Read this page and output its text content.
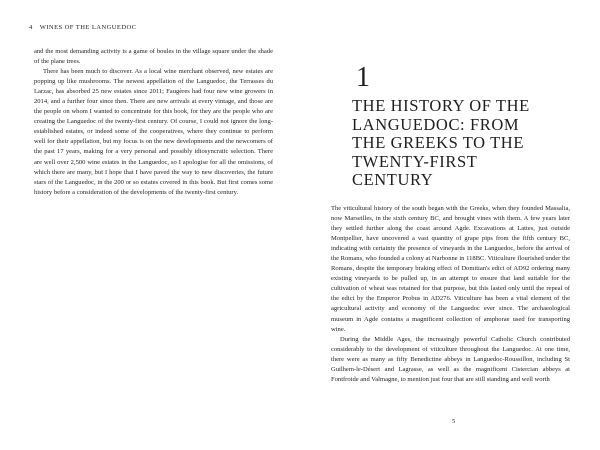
4 WINES OF THE LANGUEDOC

and the most demanding activity is a game of boules in the village square under the shade of the plane trees.

There has been much to discover. As a local wine merchant observed, new estates are popping up like mushrooms. The newest appellation of the Languedoc, the Terrasses du Larzac, has absorbed 25 new estates since 2011; Faugères had four new wine growers in 2014, and a further four since then. There are new arrivals at every vintage, and those are the people on whom I wanted to concentrate for this book, for they are the people who are creating the Languedoc of the twenty-first century. Of course, I could not ignore the long-established estates, or indeed some of the cooperatives, where they continue to perform well for their appellation, but my focus is on the new developments and the newcomers of the past 17 years, making for a very personal and possibly idiosyncratic selection. There are well over 2,500 wine estates in the Languedoc, so I apologise for all the omissions, of which there are many, but I hope that I have paved the way to new discoveries, the future stars of the Languedoc, in the 200 or so estates covered in this book. But first comes some history before a consideration of the developments of the twenty-first century.

1
THE HISTORY OF THE LANGUEDOC: FROM THE GREEKS TO THE TWENTY-FIRST CENTURY

The viticultural history of the south began with the Greeks, when they founded Massalia, now Marseilles, in the sixth century BC, and brought vines with them. A few years later they settled further along the coast around Agde. Excavations at Lattes, just outside Montpellier, have uncovered a vast quantity of grape pips from the fifth century BC, indicating with certainty the presence of vineyards in the Languedoc, before the arrival of the Romans, who founded a colony at Narbonne in 118BC. Viticulture flourished under the Romans, despite the temporary braking effect of Domitian's edict of AD92 ordering many existing vineyards to be pulled up, in an attempt to ensure that land suitable for the cultivation of wheat was retained for that purpose, but this lasted only until the repeal of the edict by the Emperor Probus in AD276. Viticulture has been a vital element of the agricultural activity and economy of the Languedoc ever since. The archaeological museum in Agde contains a magnificent collection of amphorae used for transporting wine.

During the Middle Ages, the increasingly powerful Catholic Church contributed considerably to the development of viticulture throughout the Languedoc. At one time, there were as many as fifty Benedictine abbeys in Languedoc-Roussillon, including St Guilhem-le-Désert and Lagrasse, as well as the magnificent Cistercian abbeys at Fontfroide and Valmagne, to mention just four that are still standing and well worth

5
